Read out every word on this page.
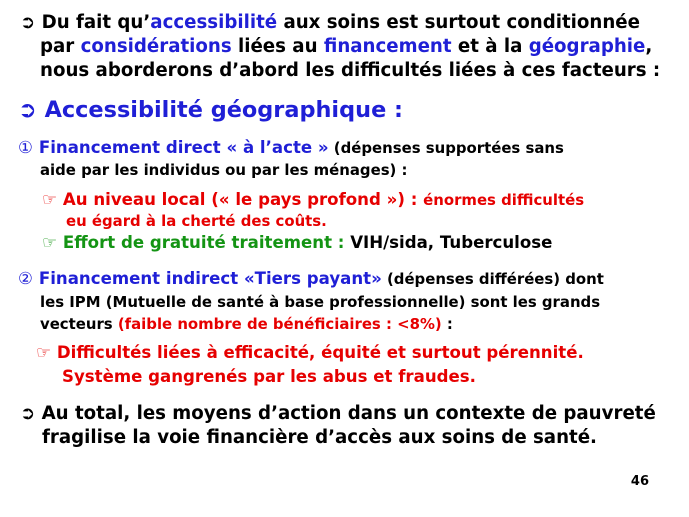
➲ Du fait qu’accessibilité aux soins est surtout conditionnée
par considérations liées au financement et à la géographie,
nous aborderons d’abord les difficultés liées à ces facteurs :
➲ Accessibilité géographique :
① Financement direct « à l’acte » (dépenses supportées sans
aide par les individus ou par les ménages) :
☞ Au niveau local (« le pays profond ») : énormes difficultés
eu égard à la cherté des coûts.
☞ Effort de gratuité traitement : VIH/sida, Tuberculose
② Financement indirect «Tiers payant» (dépenses différées) dont
les IPM (Mutuelle de santé à base professionnelle) sont les grands
vecteurs (faible nombre de bénéficiaires : <8%) :
☞ Difficultés liées à efficacité, équité et surtout pérennité.
Système gangrenés par les abus et fraudes.
➲ Au total, les moyens d’action dans un contexte de pauvreté
fragilise la voie financière d’accès aux soins de santé.
46
